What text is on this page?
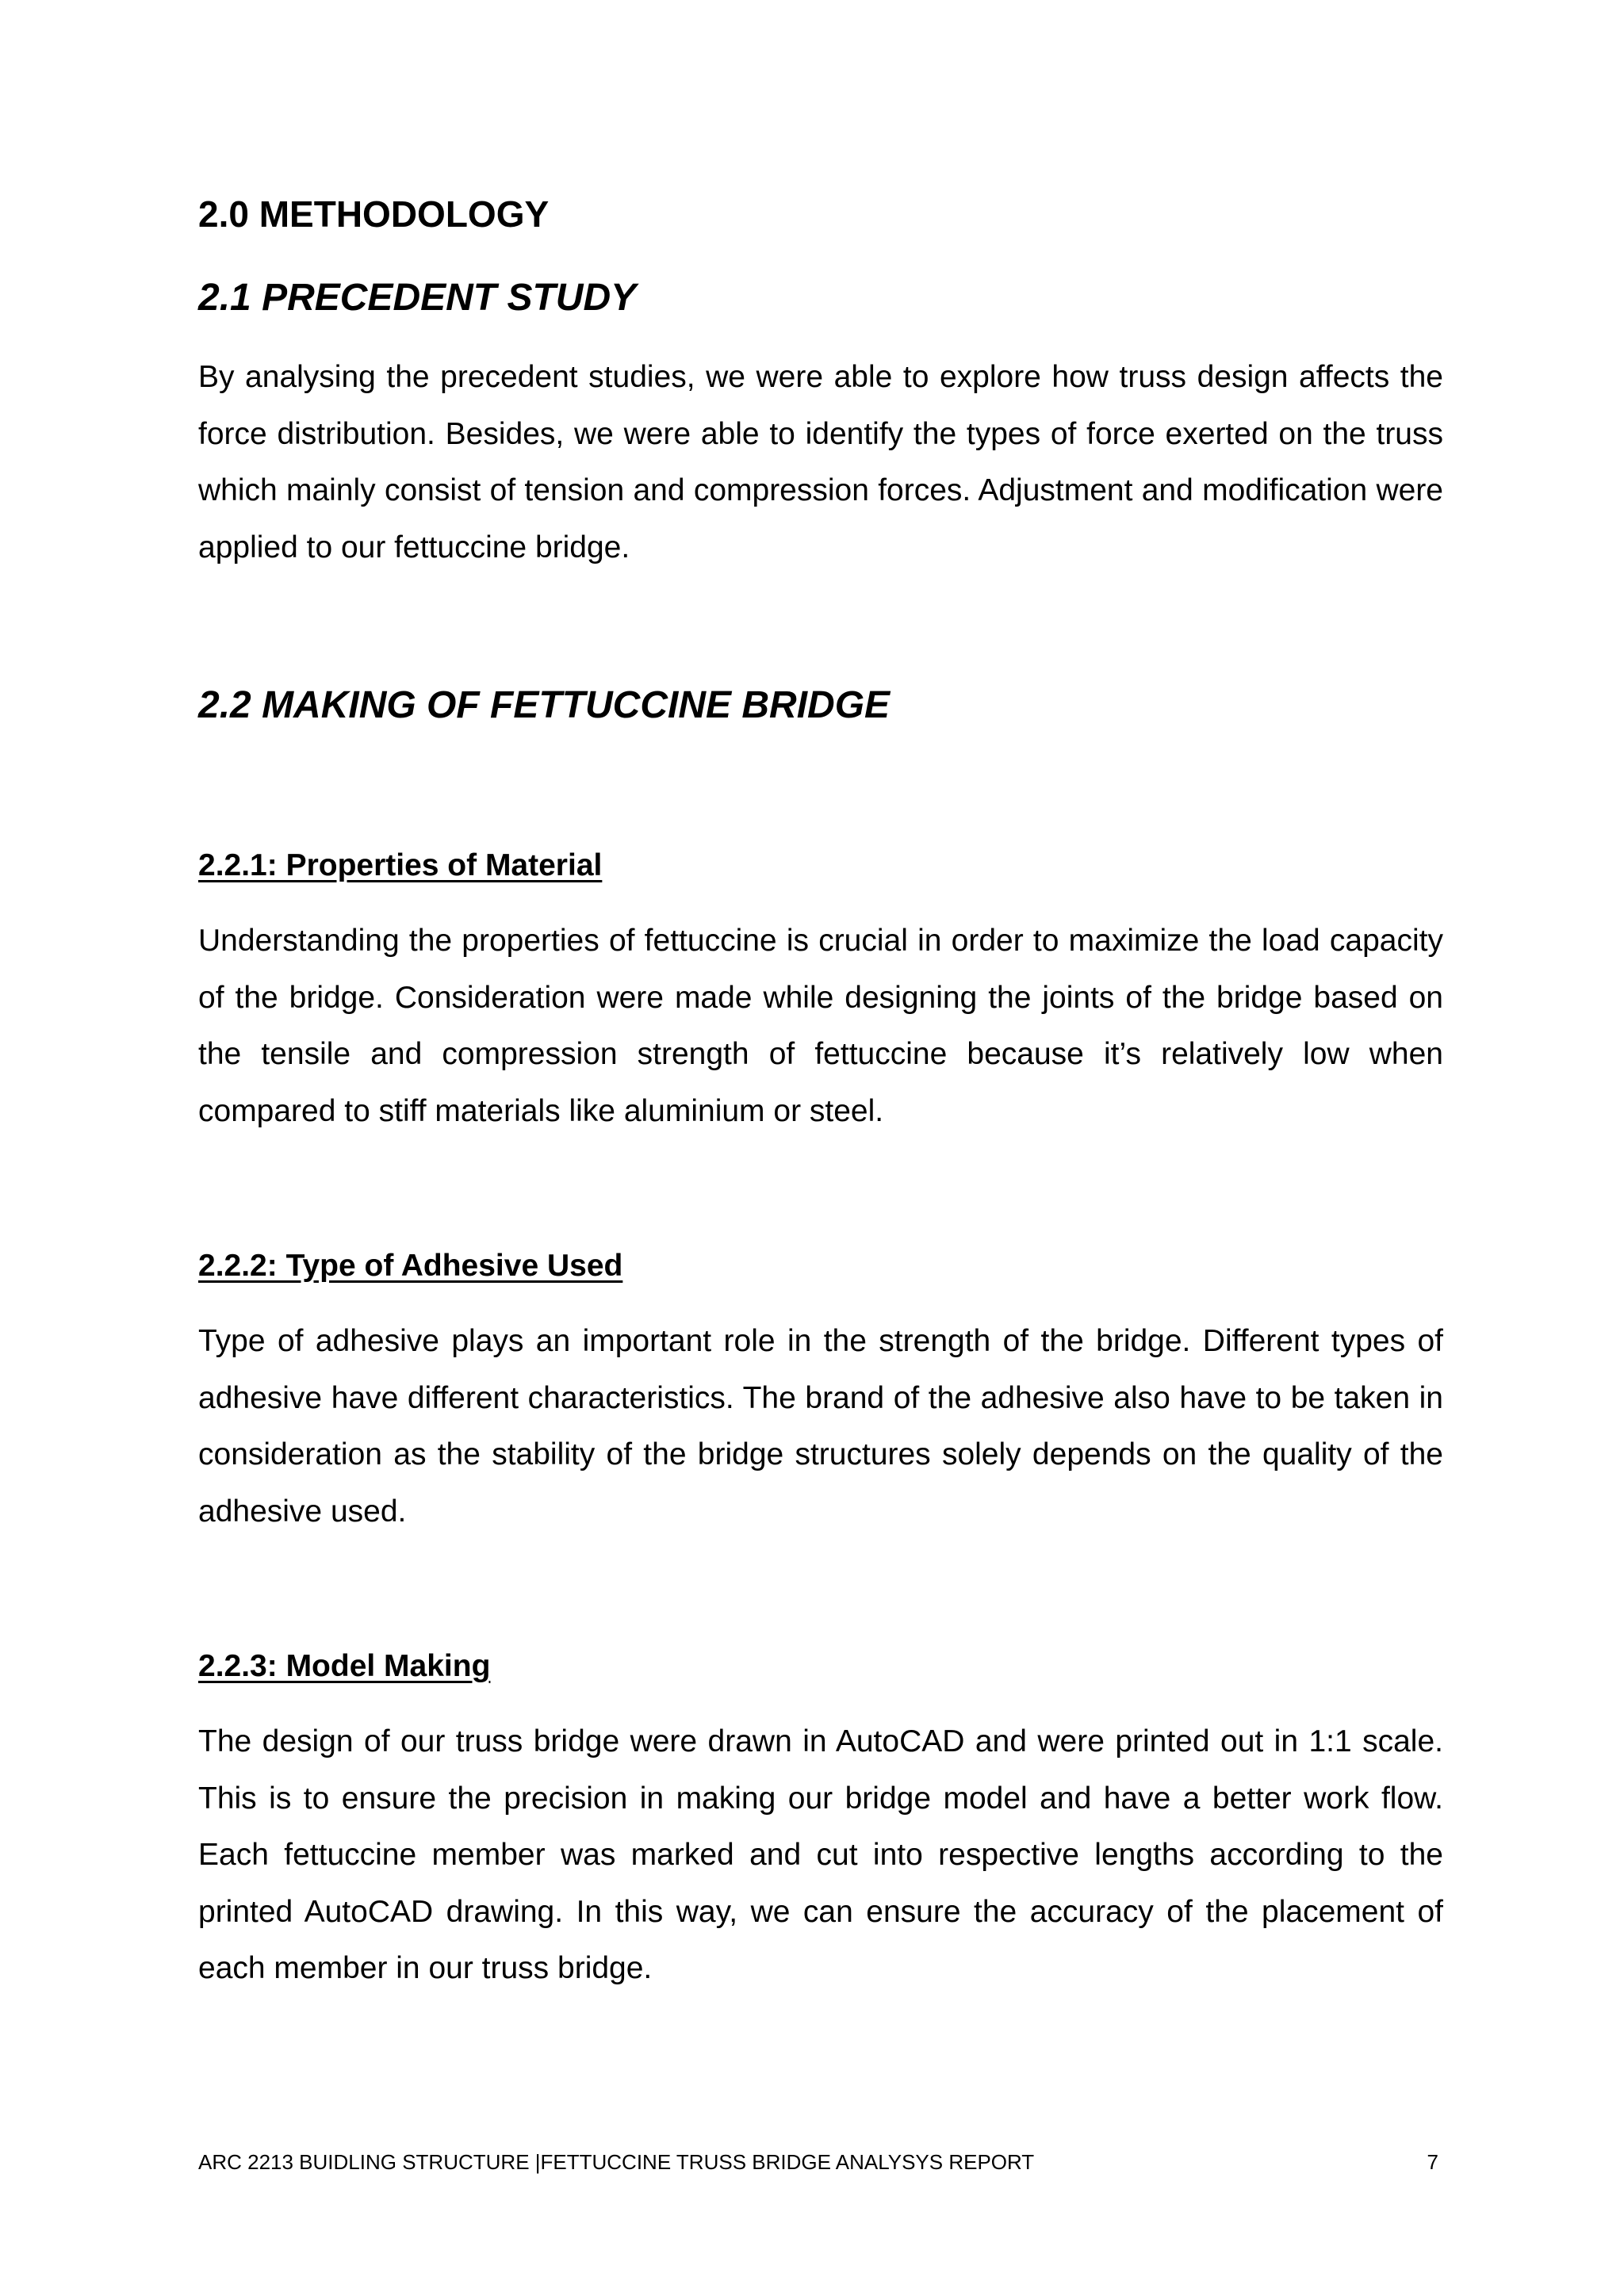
2.0 METHODOLOGY
2.1 PRECEDENT STUDY

By analysing the precedent studies, we were able to explore how truss design affects the force distribution. Besides, we were able to identify the types of force exerted on the truss which mainly consist of tension and compression forces. Adjustment and modification were applied to our fettuccine bridge.

2.2 MAKING OF FETTUCCINE BRIDGE
2.2.1: Properties of Material

Understanding the properties of fettuccine is crucial in order to maximize the load capacity of the bridge. Consideration were made while designing the joints of the bridge based on the tensile and compression strength of fettuccine because it’s relatively low when compared to stiff materials like aluminium or steel.

2.2.2: Type of Adhesive Used

Type of adhesive plays an important role in the strength of the bridge. Different types of adhesive have different characteristics. The brand of the adhesive also have to be taken in consideration as the stability of the bridge structures solely depends on the quality of the adhesive used.

2.2.3: Model Making

The design of our truss bridge were drawn in AutoCAD and were printed out in 1:1 scale. This is to ensure the precision in making our bridge model and have a better work flow. Each fettuccine member was marked and cut into respective lengths according to the printed AutoCAD drawing. In this way, we can ensure the accuracy of the placement of each member in our truss bridge.

ARC 2213 BUIDLING STRUCTURE |FETTUCCINE TRUSS BRIDGE ANALYSYS REPORT	7
